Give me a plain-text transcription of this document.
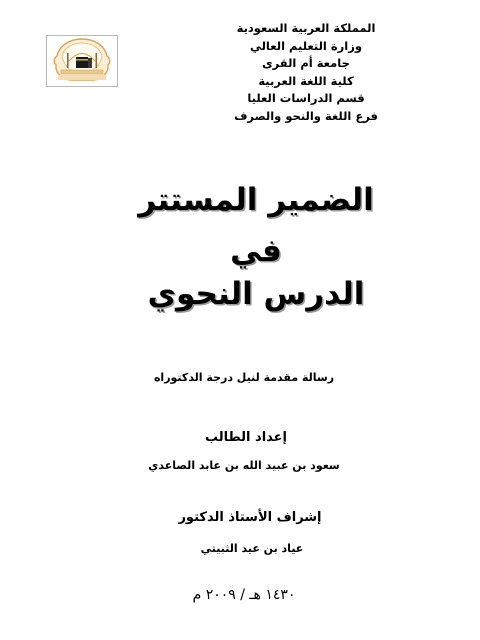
المملكة العربية السعودية
وزارة التعليم العالي
جامعة أم القرى
كلية اللغة العربية
قسم الدراسات العليا
فرع اللغة والنحو والصرف
الضمير المستتر
في
الدرس النحوي
رسالة مقدمة لنيل درجة الدكتوراه
إعداد الطالب
سعود بن عبيد الله بن عابد الصاعدي
إشراف الأستاذ الدكتور
عياد بن عيد الثبيتي
١٤٣٠ هـ / ٢٠٠٩ م
